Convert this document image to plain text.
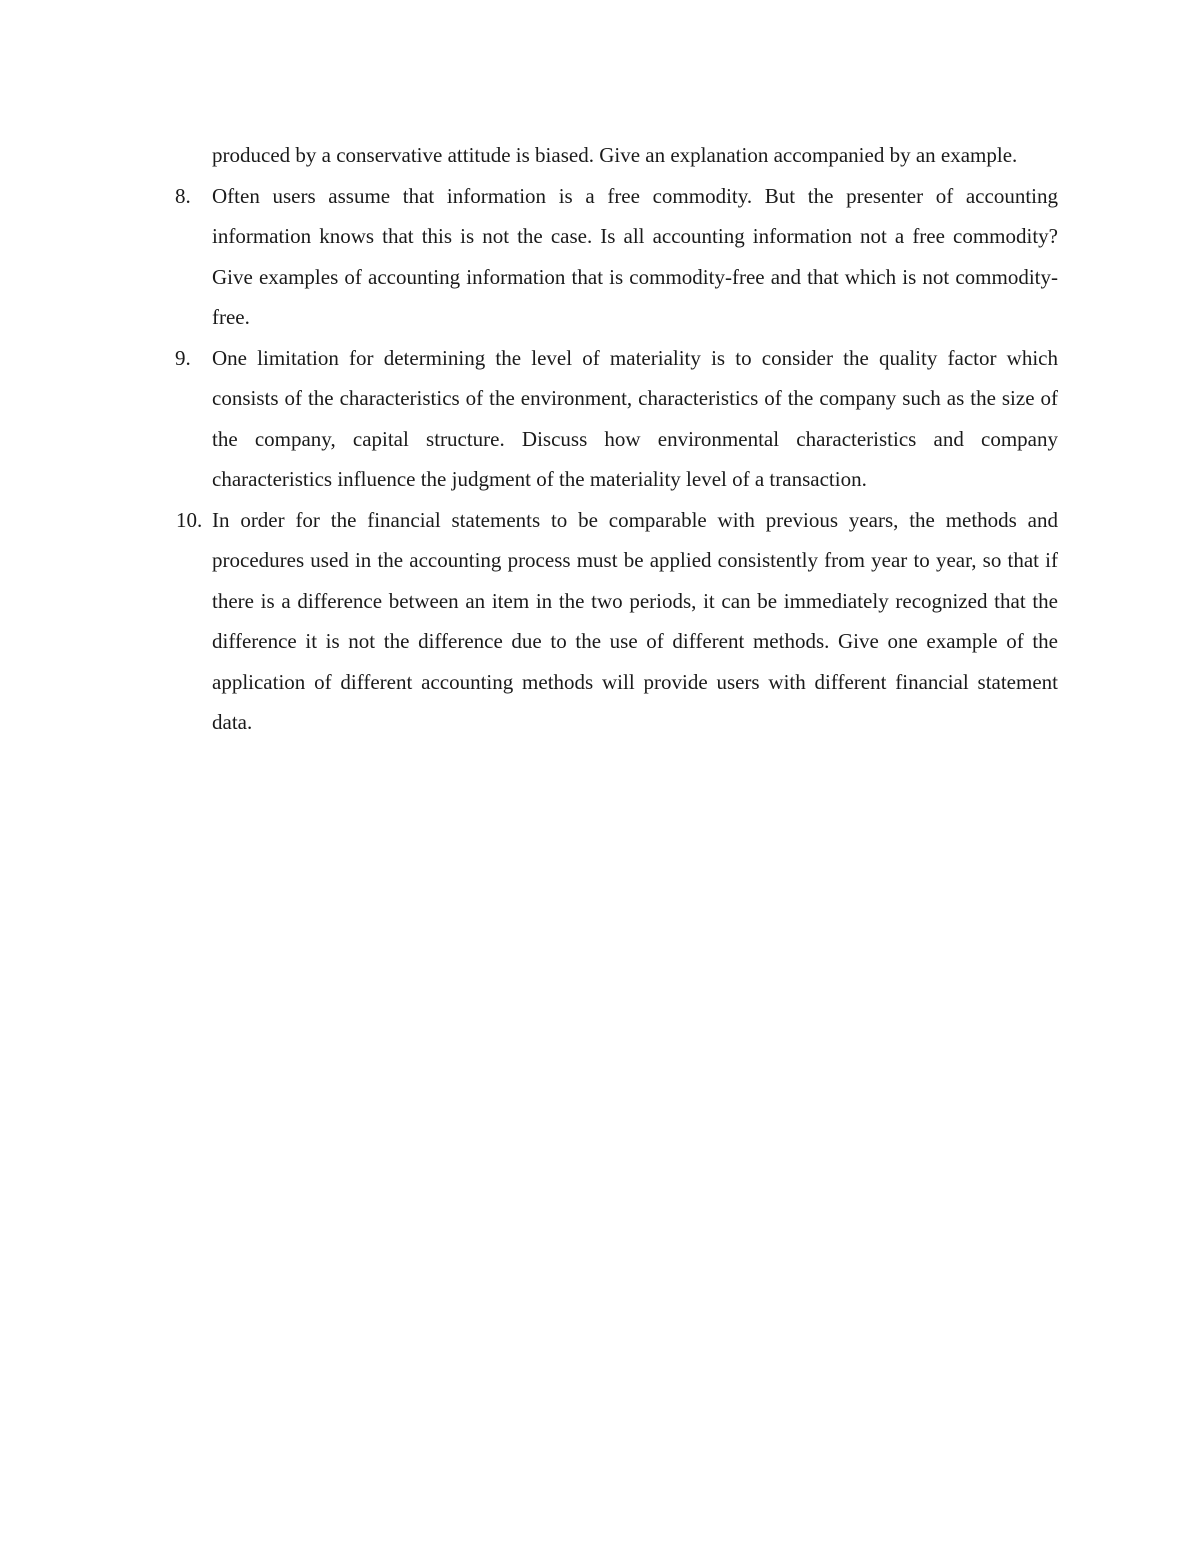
produced by a conservative attitude is biased. Give an explanation accompanied by an example.

8.	Often users assume that information is a free commodity. But the presenter of accounting information knows that this is not the case. Is all accounting information not a free commodity? Give examples of accounting information that is commodity-free and that which is not commodity-free.
9.	One limitation for determining the level of materiality is to consider the quality factor which consists of the characteristics of the environment, characteristics of the company such as the size of the company, capital structure. Discuss how environmental characteristics and company characteristics influence the judgment of the materiality level of a transaction.
10. In order for the financial statements to be comparable with previous years, the methods and procedures used in the accounting process must be applied consistently from year to year, so that if there is a difference between an item in the two periods, it can be immediately recognized that the difference it is not the difference due to the use of different methods. Give one example of the application of different accounting methods will provide users with different financial statement data.
